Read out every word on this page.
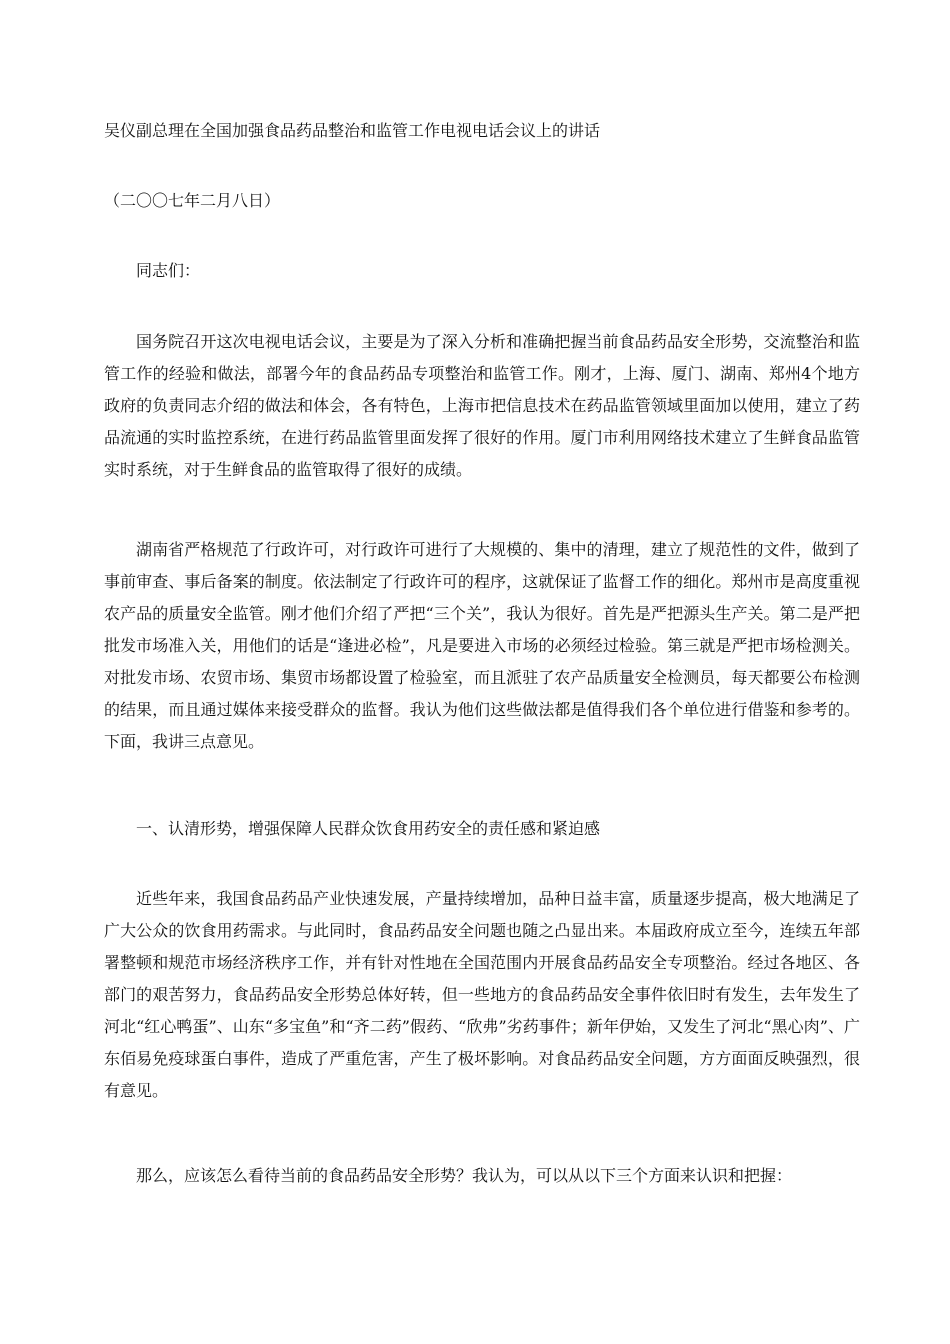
吴仪副总理在全国加强食品药品整治和监管工作电视电话会议上的讲话

（二〇〇七年二月八日）

同志们：

国务院召开这次电视电话会议，主要是为了深入分析和准确把握当前食品药品安全形势，交流整治和监管工作的经验和做法，部署今年的食品药品专项整治和监管工作。刚才，上海、厦门、湖南、郑州4个地方政府的负责同志介绍的做法和体会，各有特色，上海市把信息技术在药品监管领域里面加以使用，建立了药品流通的实时监控系统，在进行药品监管里面发挥了很好的作用。厦门市利用网络技术建立了生鲜食品监管实时系统，对于生鲜食品的监管取得了很好的成绩。

湖南省严格规范了行政许可，对行政许可进行了大规模的、集中的清理，建立了规范性的文件，做到了事前审查、事后备案的制度。依法制定了行政许可的程序，这就保证了监督工作的细化。郑州市是高度重视农产品的质量安全监管。刚才他们介绍了严把“三个关”，我认为很好。首先是严把源头生产关。第二是严把批发市场准入关，用他们的话是“逢进必检”，凡是要进入市场的必须经过检验。第三就是严把市场检测关。对批发市场、农贸市场、集贸市场都设置了检验室，而且派驻了农产品质量安全检测员，每天都要公布检测的结果，而且通过媒体来接受群众的监督。我认为他们这些做法都是值得我们各个单位进行借鉴和参考的。下面，我讲三点意见。

一、认清形势，增强保障人民群众饮食用药安全的责任感和紧迫感

近些年来，我国食品药品产业快速发展，产量持续增加，品种日益丰富，质量逐步提高，极大地满足了广大公众的饮食用药需求。与此同时，食品药品安全问题也随之凸显出来。本届政府成立至今，连续五年部署整顿和规范市场经济秩序工作，并有针对性地在全国范围内开展食品药品安全专项整治。经过各地区、各部门的艰苦努力，食品药品安全形势总体好转，但一些地方的食品药品安全事件依旧时有发生，去年发生了河北“红心鸭蛋”、山东“多宝鱼”和“齐二药”假药、“欣弗”劣药事件；新年伊始，又发生了河北“黑心肉”、广东佰易免疫球蛋白事件，造成了严重危害，产生了极坏影响。对食品药品安全问题，方方面面反映强烈，很有意见。

那么，应该怎么看待当前的食品药品安全形势？我认为，可以从以下三个方面来认识和把握：
